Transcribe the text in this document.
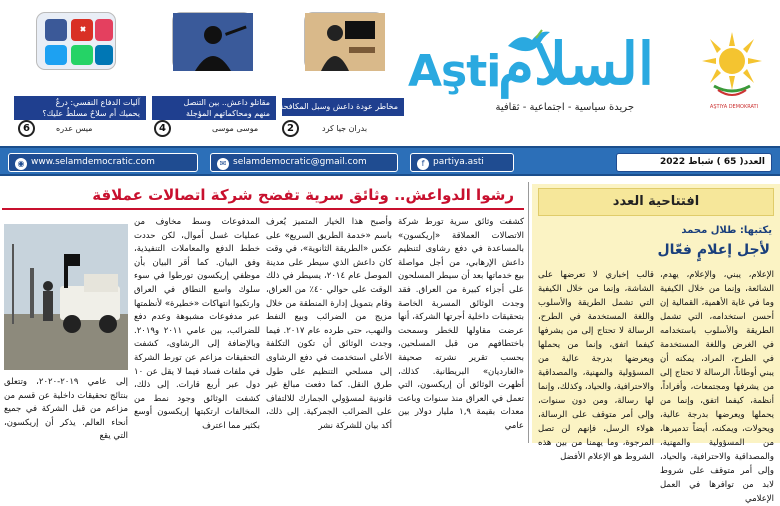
آليات الدفاع النفسي: درعٌ يحميك أم سلاحٌ مسلطٌ عليك؟
6	ميس عدره
مقاتلو داعش.. بين التنصل منهم ومحاكماتهم المؤجلة
4	موسى موسى
مخاطر عودة داعش وسبل المكافحة
2	بدران جيا كرد
Aşti
السلام
جريدة سياسية - اجتماعية - ثقافية	AŞTIYA DEMOKRATI
◉ www.selamdemocratic.com	✉ selamdemocratic@gmail.com	f partiya.asti	العدد( 65 ) شباط 2022
افتتاحية العدد
يكتبها: طلال محمد
لأجل إعلامٍ فعّال
الإعلام، يبني، والإعلام، يهدم، الشائعة، وإنما من خلال الكيفية وما في غاية الأهمية، القمالية إن أحسن استخدامه، التي تشمل الطريقة والأسلوب باستخدامه في الغرض واللغة المستخدمة في الطرح، المراد، يمكنه أن يبني أوطاناً، الرسالة لا تحتاج إلى من يشرفها ومجتمعات، وأفراداً، أنظمة، كيفما اتفق، وإنما من يحملها ويعرضها بدرجة عالية، ويحولات، ويمكنه، أيضاً تدميرها، من المسؤولية والمهنية، والمصداقية والاحترافية، والحياد، وإلى أمر متوقف على شروط لابد من توافرها في العمل الإعلامي
قالب إخباري لا تعرضها على الشاشة، وإنما من خلال الكيفية التي تشمل الطريقة والأسلوب واللغة المستخدمة في الطرح، الرسالة لا تحتاج إلى من يشرفها كيفما اتفق، وإنما من يحملها ويعرضها بدرجة عالية من المسؤولية والمهنية، والمصداقية والاحترافية، والحياد، وكذلك، وإنما لها رسالة، ومن دون سنوات، وإلى أمر متوقف على الرسالة، هولاء الرسل، فإنهم لن تصل المرجوة، وما يهمنا من بين هذه الشروط هو الإعلام الأفضل
رشوا الدواعش.. وثائق سرية تفضح شركة اتصالات عملاقة
كشفت وثائق سرية تورط شركة الاتصالات العملاقة «إريكسون» بالمساعدة في دفع رشاوى لتنظيم داعش الإرهابي، من أجل مواصلة بيع خدماتها بعد أن سيطر المسلحون على أجزاء كبيرة من العراق. فقد وجدت الوثائق المسربة الخاصة بتحقيقات داخلية أجرتها الشركة، أنها عرضت مقاولها للخطر وسمحت باختطافهم من قبل المسلحين، بحسب تقرير نشرته صحيفة «الغارديان» البريطانية. كذلك، أظهرت الوثائق أن إريكسون، التي تعمل في العراق منذ سنوات وباعت معدات بقيمة ١,٩ مليار دولار بين عامي
وأصبح هذا الخيار المتميز يُعرف باسم «خدمة الطريق السريع» على عكس «الطريقة الثانوية»، في وقت كان داعش الذي سيطر على مدينة الموصل عام ٢٠١٤، يسيطر في ذلك الوقت على حوالي ٤٠٪ من العراق، وقام بتمويل إدارة المنطقة من خلال مزيج من الضرائب وبيع النفط والنهب، حتى طرده عام ٢٠١٧. فيما وجدت الوثائق أن تكون التكلفة الأعلى استخدمت في دفع الرشاوى إلى مسلحي التنظيم على طول طرق النقل. كما دفعت مبالغ غير قانونية لمسؤولي الجمارك للالتفاف على الضرائب الجمركية. إلى ذلك، أكد بيان للشركة نشر
المدفوعات وسط مخاوف من عمليات غسل أموال، لكن حددت خطط الدفع والمعاملات التنفيذية، وفق البيان. كما أقر البيان بأن موظفي إريكسون تورطوا في سوء سلوك واسع النطاق في العراق وارتكبوا انتهاكات «خطيرة» لأنظمتها عبر مدفوعات مشبوهة وعدم دفع للضرائب، بين عامي ٢٠١١ و٢٠١٩. وبالإضافة إلى الرشاوى، كشفت التحقيقات مزاعم عن تورط الشركة في ملفات فساد فيما لا يقل عن ١٠ دول عبر أربع قارات. إلى ذلك، كشفت الوثائق وجود نمط من المخالفات ارتكبتها إريكسون أوسع بكثير مما اعترف
إلى عامي ٢٠١٩-٢٠٢٠، وتتعلق بنتائج تحقيقات داخلية عن قسم من مزاعم من قبل الشركة في جميع أنحاء العالم. يذكر أن إريكسون، التي يقع
